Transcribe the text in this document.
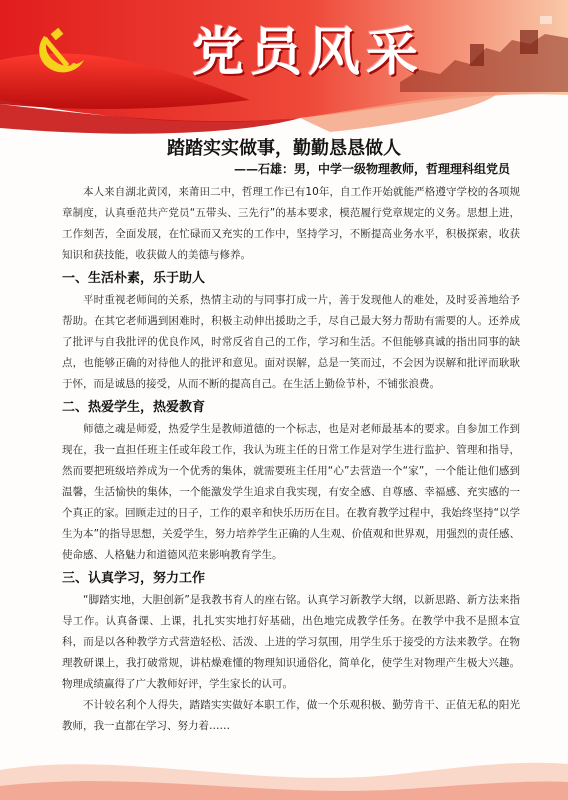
党员风采
踏踏实实做事，勤勤恳恳做人
——石雄：男，中学一级物理教师，哲理理科组党员

本人来自湖北黄冈，来莆田二中，哲理工作已有10年，自工作开始就能严格遵守学校的各项规章制度，认真垂范共产党员“五带头、三先行”的基本要求，模范履行党章规定的义务。思想上进，工作刻苦，全面发展，在忙碌而又充实的工作中，坚持学习，不断提高业务水平，积极探索，收获知识和获技能，收获做人的美德与修养。

一、生活朴素，乐于助人

平时重视老师间的关系，热情主动的与同事打成一片，善于发现他人的难处，及时妥善地给予帮助。在其它老师遇到困难时，积极主动伸出援助之手，尽自己最大努力帮助有需要的人。还养成了批评与自我批评的优良作风，时常反省自己的工作，学习和生活。不但能够真诚的指出同事的缺点，也能够正确的对待他人的批评和意见。面对误解，总是一笑而过，不会因为误解和批评而耿耿于怀，而是诚恳的接受，从而不断的提高自己。在生活上勤俭节朴，不铺张浪费。

二、热爱学生，热爱教育

师德之魂是师爱，热爱学生是教师道德的一个标志，也是对老师最基本的要求。自参加工作到现在，我一直担任班主任或年段工作，我认为班主任的日常工作是对学生进行监护、管理和指导，然而要把班级培养成为一个优秀的集体，就需要班主任用“心”去营造一个“家”，一个能让他们感到温馨，生活愉快的集体，一个能激发学生追求自我实现，有安全感、自尊感、幸福感、充实感的一个真正的家。回顾走过的日子，工作的艰辛和快乐历历在目。在教育教学过程中，我始终坚持“以学生为本”的指导思想，关爱学生，努力培养学生正确的人生观、价值观和世界观，用强烈的责任感、使命感、人格魅力和道德风范来影响教育学生。

三、认真学习，努力工作

“脚踏实地，大胆创新”是我教书育人的座右铭。认真学习新教学大纲，以新思路、新方法来指导工作。认真备课、上课，扎扎实实地打好基础，出色地完成教学任务。在教学中我不是照本宣科，而是以各种教学方式营造轻松、活泼、上进的学习氛围，用学生乐于接受的方法来教学。在物理教研课上，我打破常规，讲枯燥难懂的物理知识通俗化，简单化，使学生对物理产生极大兴趣。物理成绩赢得了广大教师好评，学生家长的认可。

不计较名利个人得失，踏踏实实做好本职工作，做一个乐观积极、勤劳肯干、正值无私的阳光教师，我一直都在学习、努力着……
